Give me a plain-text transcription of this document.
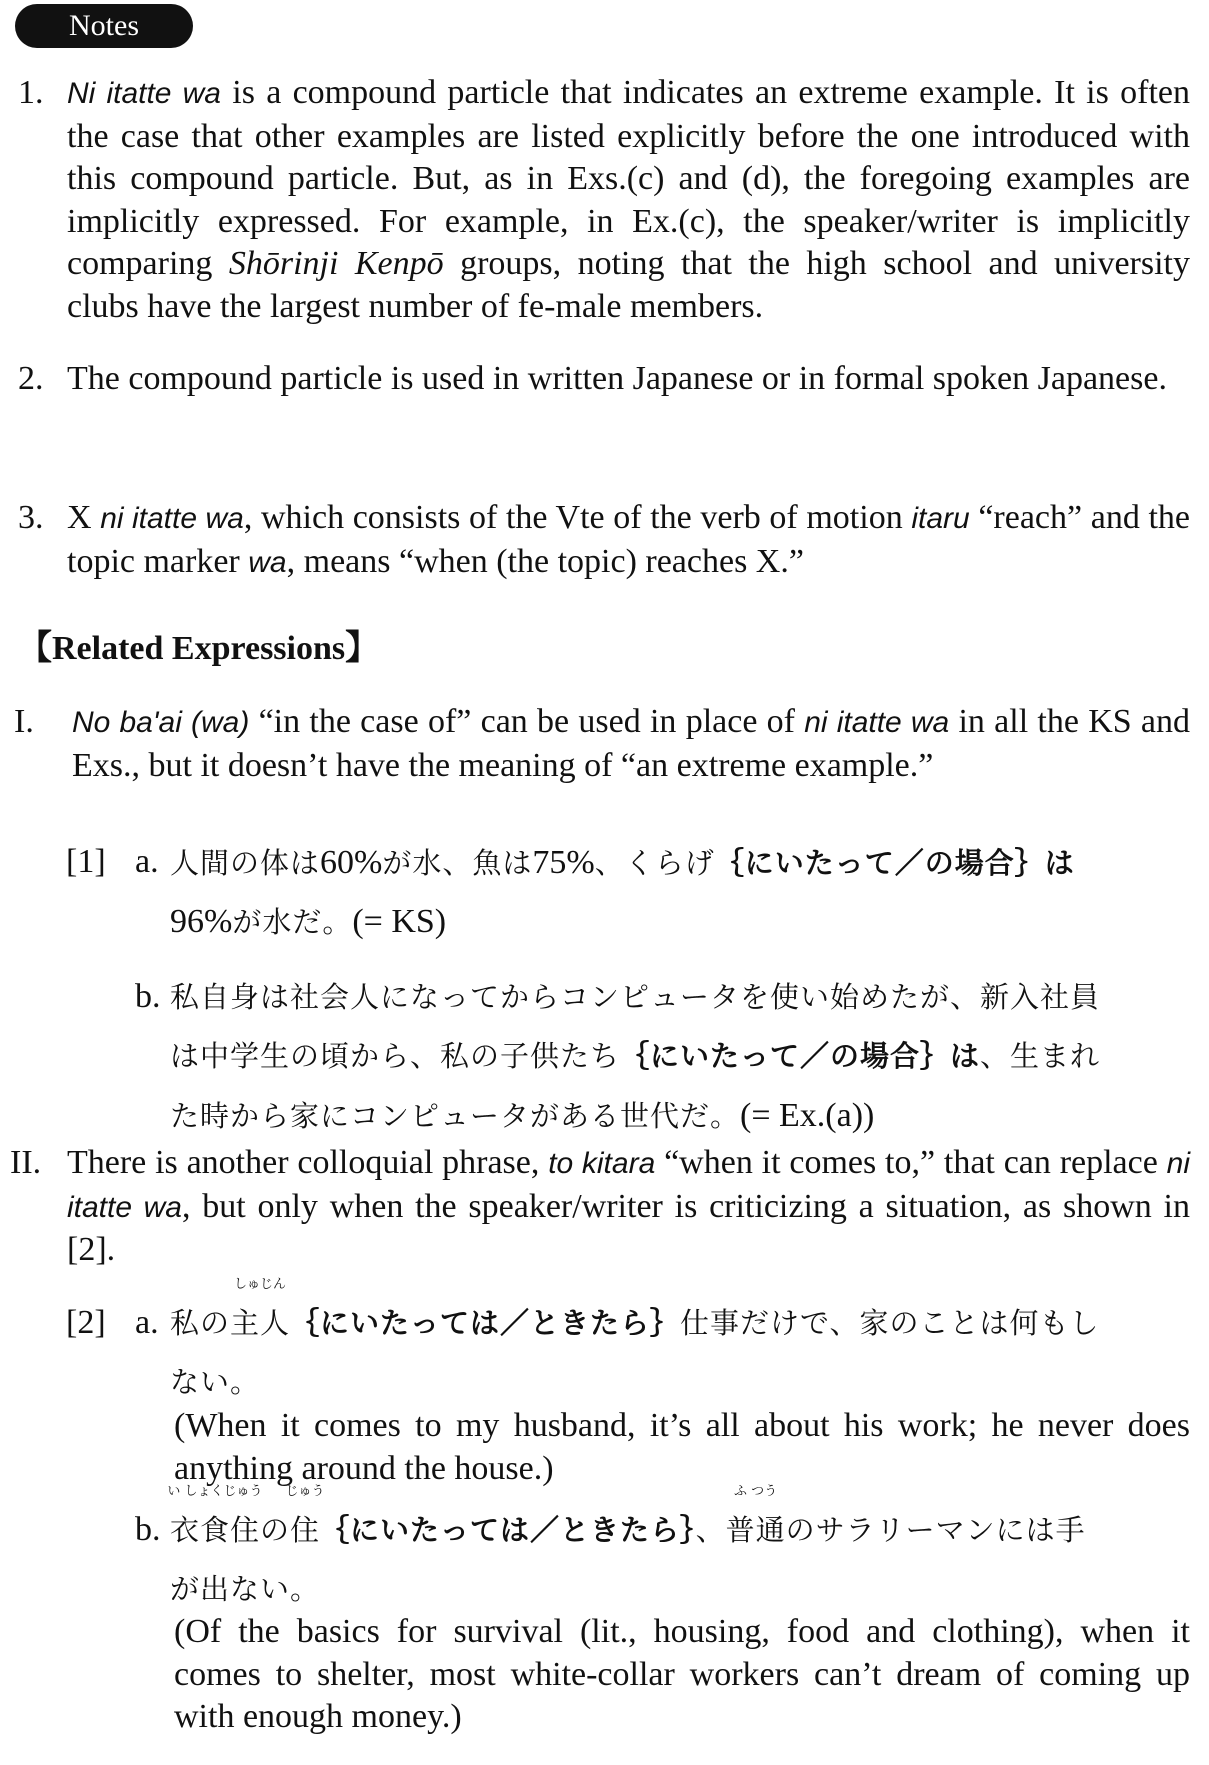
Notes
1. Ni itatte wa is a compound particle that indicates an extreme example. It is often the case that other examples are listed explicitly before the one introduced with this compound particle. But, as in Exs.(c) and (d), the foregoing examples are implicitly expressed. For example, in Ex.(c), the speaker/writer is implicitly comparing Shōrinji Kenpō groups, noting that the high school and university clubs have the largest number of fe-male members.

2. The compound particle is used in written Japanese or in formal spoken Japanese.

3. X ni itatte wa, which consists of the Vte of the verb of motion itaru “reach” and the topic marker wa, means “when (the topic) reaches X.”

【Related Expressions】
I. No ba'ai (wa) “in the case of” can be used in place of ni itatte wa in all the KS and Exs., but it doesn’t have the meaning of “an extreme example.”

[1] a. 人間の体は60%が水、魚は75%、くらげ｛にいたって／の場合｝は

96%が水だ。(= KS)

b. 私自身は社会人になってからコンピュータを使い始めたが、新入社員

は中学生の頃から、私の子供たち｛にいたって／の場合｝は、生まれ

た時から家にコンピュータがある世代だ。(= Ex.(a))

II. There is another colloquial phrase, to kitara “when it comes to,” that can replace ni itatte wa, but only when the speaker/writer is criticizing a situation, as shown in [2].

[2] a. 私の
しゅじん
主人｛にいたっては／ときたら｝仕事だけで、家のことは何もし

ない。

(When it comes to my husband, it’s all about his work; he never does anything around the house.)

b.

い しょくじゅう
衣食住の
じゅう
住｛にいたっては／ときたら｝、
ふ つう
普通のサラリーマンには手

が出ない。

(Of the basics for survival (lit., housing, food and clothing), when it comes to shelter, most white-collar workers can’t dream of coming up with enough money.)
